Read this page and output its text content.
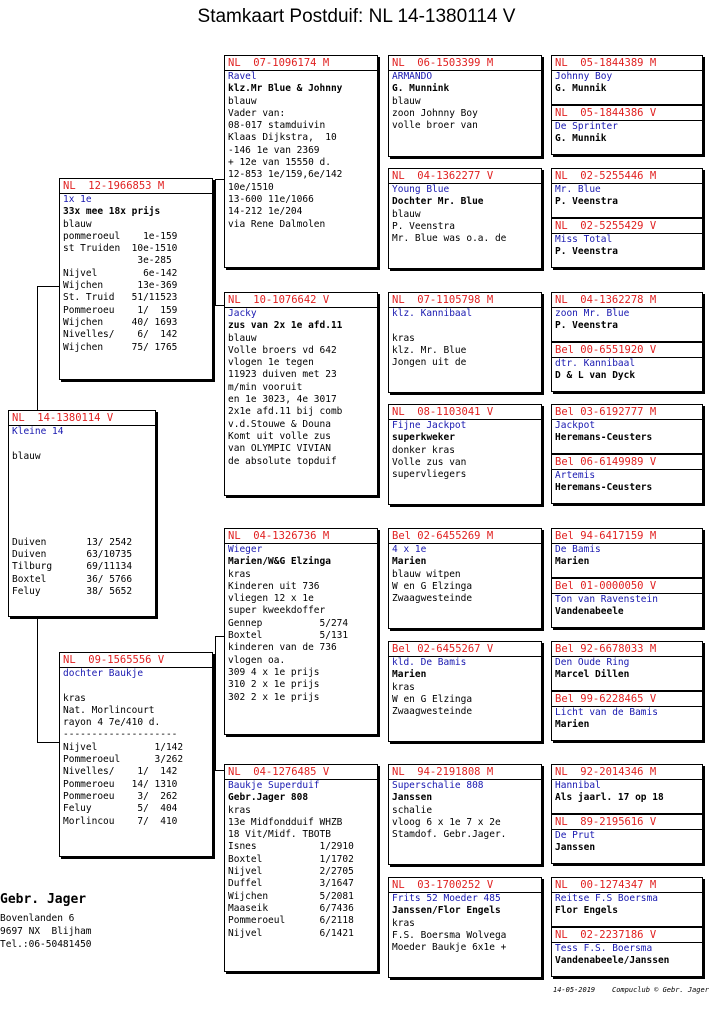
Stamkaart Postduif: NL 14-1380114 V
NL  14-1380114 V
Kleine 14
blauw
Duiven       13/ 2542
Duiven       63/10735
Tilburg      69/11134
Boxtel       36/ 5766
Feluy        38/ 5652
NL  12-1966853 M
1x 1e
33x mee 18x prijs
blauw
pommeroeul    1e-159
st Truiden  10e-1510
3e-285
Nijvel        6e-142
Wijchen      13e-369
St. Truid   51/11523
Pommeroeu    1/  159
Wijchen     40/ 1693
Nivelles/    6/  142
Wijchen     75/ 1765
NL  09-1565556 V
dochter Baukje
kras
Nat. Morlincourt
rayon 4 7e/410 d.
--------------------
Nijvel          1/142
Pommeroeul      3/262
Nivelles/    1/  142
Pommeroeu   14/ 1310
Pommeroeu    3/  262
Feluy        5/  404
Morlincou    7/  410
NL  07-1096174 M
Ravel
klz.Mr Blue & Johnny
blauw
Vader van:
08-017 stamduivin
Klaas Dijkstra,  10
-146 1e van 2369
+ 12e van 15550 d.
12-853 1e/159,6e/142
10e/1510
13-600 11e/1066
14-212 1e/204
via Rene Dalmolen
NL  10-1076642 V
Jacky
zus van 2x 1e afd.11
blauw
Volle broers vd 642
vlogen 1e tegen
11923 duiven met 23
m/min vooruit
en 1e 3023, 4e 3017
2x1e afd.11 bij comb
v.d.Stouwe & Douna
Komt uit volle zus
van OLYMPIC VIVIAN
de absolute topduif
NL  04-1326736 M
Wieger
Marien/W&G Elzinga
kras
Kinderen uit 736
vliegen 12 x 1e
super kweekdoffer
Gennep          5/274
Boxtel          5/131
kinderen van de 736
vlogen oa.
309 4 x 1e prijs
310 2 x 1e prijs
302 2 x 1e prijs
NL  04-1276485 V
Baukje Superduif
Gebr.Jager 808
kras
13e Midfondduif WHZB
18 Vit/Midf. TBOTB
Isnes           1/2910
Boxtel          1/1702
Nijvel          2/2705
Duffel          3/1647
Wijchen         5/2081
Maaseik         6/7436
Pommeroeul      6/2118
Nijvel          6/1421
NL  06-1503399 M
ARMANDO
G. Munnink
blauw
zoon Johnny Boy
volle broer van
NL  04-1362277 V
Young Blue
Dochter Mr. Blue
blauw
P. Veenstra
Mr. Blue was o.a. de
NL  07-1105798 M
klz. Kannibaal
kras
klz. Mr. Blue
Jongen uit de
NL  08-1103041 V
Fijne Jackpot
superkweker
donker kras
Volle zus van
supervliegers
Bel 02-6455269 M
4 x 1e
Marien
blauw witpen
W en G Elzinga
Zwaagwesteinde
Bel 02-6455267 V
kld. De Bamis
Marien
kras
W en G Elzinga
Zwaagwesteinde
NL  94-2191808 M
Superschalie 808
Janssen
schalie
vloog 6 x 1e 7 x 2e
Stamdof. Gebr.Jager.
NL  03-1700252 V
Frits 52 Moeder 485
Janssen/Flor Engels
kras
F.S. Boersma Wolvega
Moeder Baukje 6x1e +
NL  05-1844389 M
Johnny Boy
G. Munnik
NL  05-1844386 V
De Sprinter
G. Munnik
NL  02-5255446 M
Mr. Blue
P. Veenstra
NL  02-5255429 V
Miss Total
P. Veenstra
NL  04-1362278 M
zoon Mr. Blue
P. Veenstra
Bel 00-6551920 V
dtr. Kannibaal
D & L van Dyck
Bel 03-6192777 M
Jackpot
Heremans-Ceusters
Bel 06-6149989 V
Artemis
Heremans-Ceusters
Bel 94-6417159 M
De Bamis
Marien
Bel 01-0000050 V
Ton van Ravenstein
Vandenabeele
Bel 92-6678033 M
Den Oude Ring
Marcel Dillen
Bel 99-6228465 V
Licht van de Bamis
Marien
NL  92-2014346 M
Hannibal
Als jaarl. 17 op 18
NL  89-2195616 V
De Prut
Janssen
NL  00-1274347 M
Reitse F.S Boersma
Flor Engels
NL  02-2237186 V
Tess F.S. Boersma
Vandenabeele/Janssen
Gebr. Jager
Bovenlanden 6
9697 NX  Blijham
Tel.:06-50481450
14-05-2019    Compuclub © Gebr. Jager
